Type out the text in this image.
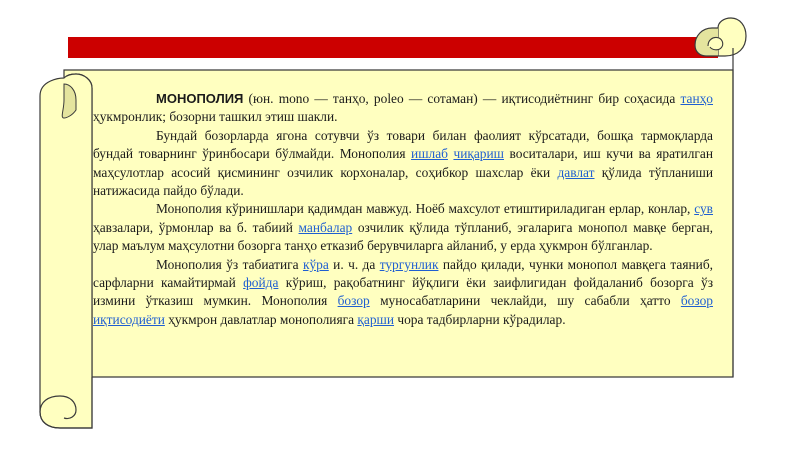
МОНОПОЛИЯ (юн. mono — танҳо, poleo — сотаман) — иқтисодиётнинг бир соҳасида танҳо ҳукмронлик; бозорни ташкил этиш шакли.

Бундай бозорларда ягона сотувчи ўз товари билан фаолият кўрсатади, бошқа тармоқларда бундай товарнинг ўринбосари бўлмайди. Монополия ишлаб чиқариш воситалари, иш кучи ва яратилган маҳсулотлар асосий қисмининг озчилик корхоналар, соҳибкор шахслар ёки давлат қўлида тўпланиши натижасида пайдо бўлади.

Монополия кўринишлари қадимдан мавжуд. Ноёб махсулот етиштириладиган ерлар, конлар, сув ҳавзалари, ўрмонлар ва б. табиий манбалар озчилик қўлида тўпланиб, эгаларига монопол мавқе берган, улар маълум маҳсулотни бозорга танҳо етказиб берувчиларга айланиб, у ерда ҳукмрон бўлганлар.

Монополия ўз табиатига кўра и. ч. да тургунлик пайдо қилади, чунки монопол мавқега таяниб, сарфларни камайтирмай фойда кўриш, рақобатнинг йўқлиги ёки заифлигидан фойдаланиб бозорга ўз измини ўтказиш мумкин. Монополия бозор муносабатларини чеклайди, шу сабабли ҳатто бозор иқтисодиёти ҳукмрон давлатлар монополияга қарши чора тадбирларни кўрадилар.
